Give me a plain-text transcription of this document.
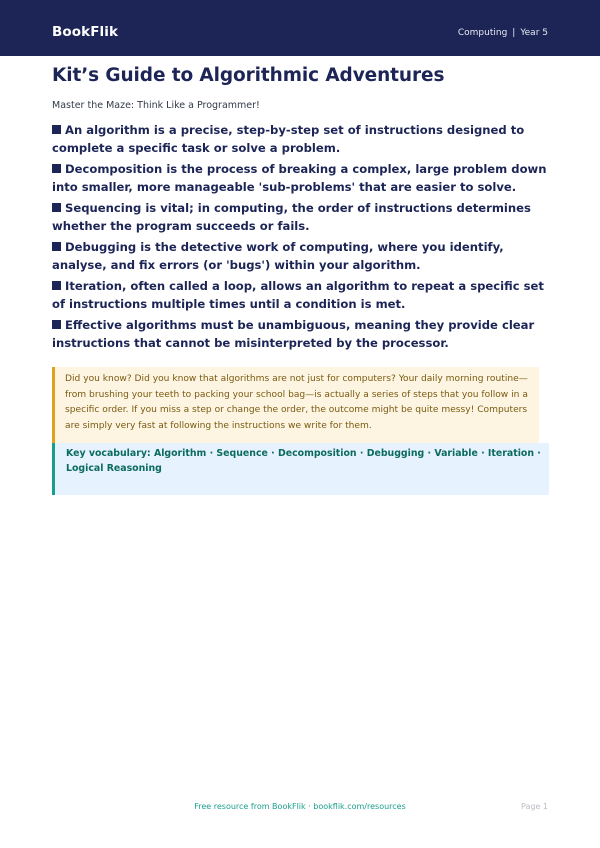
BookFlik	Computing | Year 5
Kit’s Guide to Algorithmic Adventures
Master the Maze: Think Like a Programmer!
An algorithm is a precise, step-by-step set of instructions designed to complete a specific task or solve a problem.
Decomposition is the process of breaking a complex, large problem down into smaller, more manageable 'sub-problems' that are easier to solve.
Sequencing is vital; in computing, the order of instructions determines whether the program succeeds or fails.
Debugging is the detective work of computing, where you identify, analyse, and fix errors (or 'bugs') within your algorithm.
Iteration, often called a loop, allows an algorithm to repeat a specific set of instructions multiple times until a condition is met.
Effective algorithms must be unambiguous, meaning they provide clear instructions that cannot be misinterpreted by the processor.
Did you know? Did you know that algorithms are not just for computers? Your daily morning routine—from brushing your teeth to packing your school bag—is actually a series of steps that you follow in a specific order. If you miss a step or change the order, the outcome might be quite messy! Computers are simply very fast at following the instructions we write for them.
Key vocabulary: Algorithm · Sequence · Decomposition · Debugging · Variable · Iteration · Logical Reasoning
Free resource from BookFlik · bookflik.com/resources	Page 1
